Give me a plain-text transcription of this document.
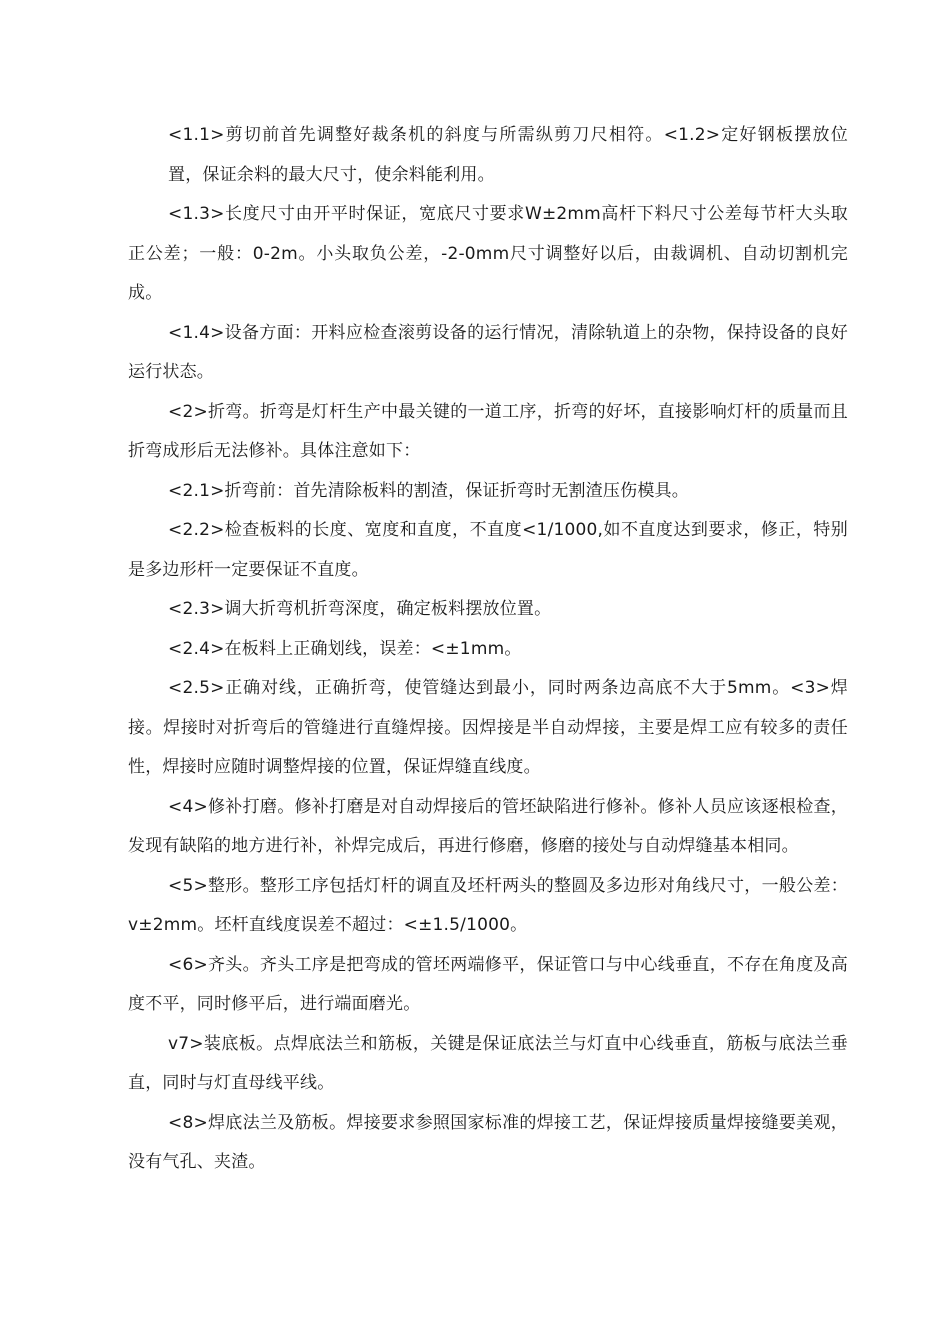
<1.1>剪切前首先调整好裁条机的斜度与所需纵剪刀尺相符。<1.2>定好钢板摆放位置，保证余料的最大尺寸，使余料能利用。

<1.3>长度尺寸由开平时保证，宽底尺寸要求W±2mm高杆下料尺寸公差每节杆大头取正公差；一般：0-2m。小头取负公差，-2-0mm尺寸调整好以后，由裁调机、自动切割机完成。

<1.4>设备方面：开料应检查滚剪设备的运行情况，清除轨道上的杂物，保持设备的良好运行状态。

<2>折弯。折弯是灯杆生产中最关键的一道工序，折弯的好坏，直接影响灯杆的质量而且折弯成形后无法修补。具体注意如下：

<2.1>折弯前：首先清除板料的割渣，保证折弯时无割渣压伤模具。

<2.2>检查板料的长度、宽度和直度，不直度<1/1000,如不直度达到要求，修正，特别是多边形杆一定要保证不直度。

<2.3>调大折弯机折弯深度，确定板料摆放位置。

<2.4>在板料上正确划线，误差：<±1mm。

<2.5>正确对线，正确折弯，使管缝达到最小，同时两条边高底不大于5mm。<3>焊接。焊接时对折弯后的管缝进行直缝焊接。因焊接是半自动焊接，主要是焊工应有较多的责任性，焊接时应随时调整焊接的位置，保证焊缝直线度。

<4>修补打磨。修补打磨是对自动焊接后的管坯缺陷进行修补。修补人员应该逐根检查，发现有缺陷的地方进行补，补焊完成后，再进行修磨，修磨的接处与自动焊缝基本相同。

<5>整形。整形工序包括灯杆的调直及坯杆两头的整圆及多边形对角线尺寸，一般公差：v±2mm。坯杆直线度误差不超过：<±1.5/1000。

<6>齐头。齐头工序是把弯成的管坯两端修平，保证管口与中心线垂直，不存在角度及高度不平，同时修平后，进行端面磨光。

v7>装底板。点焊底法兰和筋板，关键是保证底法兰与灯直中心线垂直，筋板与底法兰垂直，同时与灯直母线平线。

<8>焊底法兰及筋板。焊接要求参照国家标准的焊接工艺，保证焊接质量焊接缝要美观，没有气孔、夹渣。
